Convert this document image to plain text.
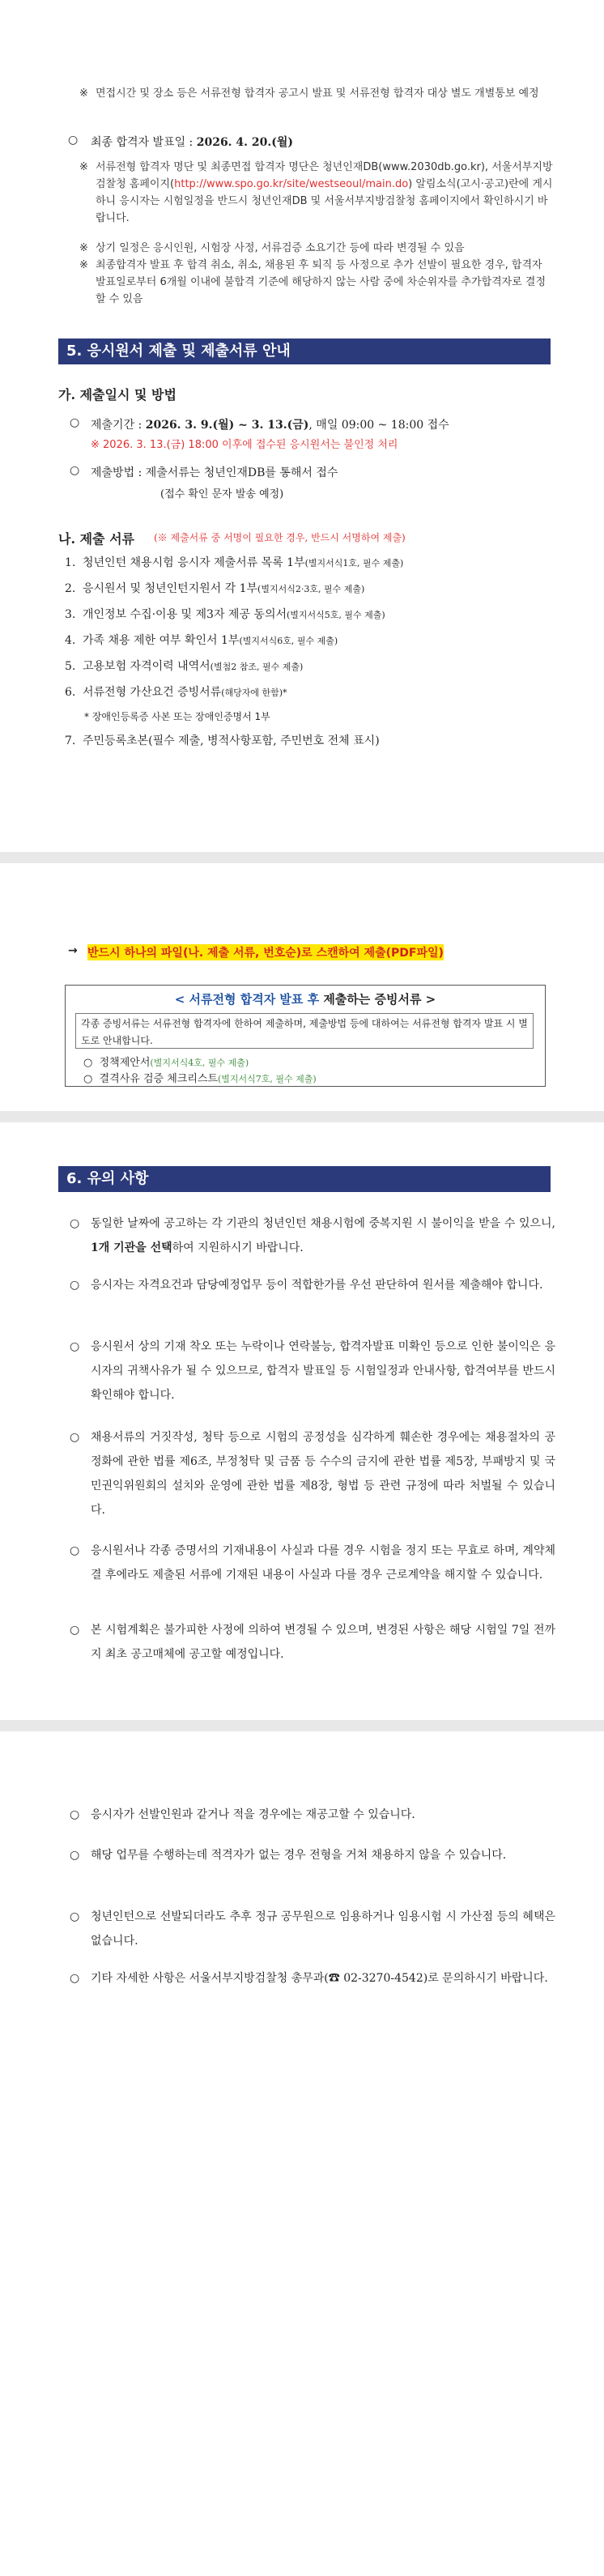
※ 면접시간 및 장소 등은 서류전형 합격자 공고시 발표 및 서류전형 합격자 대상 별도 개별통보 예정
○ 최종 합격자 발표일 : 2026. 4. 20.(월)
※ 서류전형 합격자 명단 및 최종면접 합격자 명단은 청년인재DB(www.2030db.go.kr), 서울서부지방검찰청 홈페이지(http://www.spo.go.kr/site/westseoul/main.do) 알림소식(고시·공고)란에 게시하니 응시자는 시험일정을 반드시 청년인재DB 및 서울서부지방검찰청 홈페이지에서 확인하시기 바랍니다.
※ 상기 일정은 응시인원, 시험장 사정, 서류검증 소요기간 등에 따라 변경될 수 있음
※ 최종합격자 발표 후 합격 취소, 취소, 채용된 후 퇴직 등 사정으로 추가 선발이 필요한 경우, 합격자 발표일로부터 6개월 이내에 불합격 기준에 해당하지 않는 사람 중에 차순위자를 추가합격자로 결정할 수 있음
5. 응시원서 제출 및 제출서류 안내
가. 제출일시 및 방법
○ 제출기간 : 2026. 3. 9.(월) ~ 3. 13.(금), 매일 09:00 ~ 18:00 접수
※ 2026. 3. 13.(금) 18:00 이후에 접수된 응시원서는 불인정 처리
○ 제출방법 : 제출서류는 청년인재DB를 통해서 접수
(접수 확인 문자 발송 예정)
나. 제출 서류 (※ 제출서류 중 서명이 필요한 경우, 반드시 서명하여 제출)
1. 청년인턴 채용시험 응시자 제출서류 목록 1부(별지서식1호, 필수 제출)
2. 응시원서 및 청년인턴지원서 각 1부(별지서식2·3호, 필수 제출)
3. 개인정보 수집·이용 및 제3자 제공 동의서(별지서식5호, 필수 제출)
4. 가족 채용 제한 여부 확인서 1부(별지서식6호, 필수 제출)
5. 고용보험 자격이력 내역서(별첨2 참조, 필수 제출)
6. 서류전형 가산요건 증빙서류(해당자에 한함)*
* 장애인등록증 사본 또는 장애인증명서 1부
7. 주민등록초본(필수 제출, 병적사항포함, 주민번호 전체 표시)
→ 반드시 하나의 파일(나. 제출 서류, 번호순)로 스캔하여 제출(PDF파일)
< 서류전형 합격자 발표 후 제출하는 증빙서류 >
각종 증빙서류는 서류전형 합격자에 한하여 제출하며, 제출방법 등에 대하여는 서류전형 합격자 발표 시 별도로 안내합니다.
○  정책제안서(별지서식4호, 필수 제출)
○  결격사유 검증 체크리스트(별지서식7호, 필수 제출)
6. 유의 사항
○ 동일한 날짜에 공고하는 각 기관의 청년인턴 채용시험에 중복지원 시 불이익을 받을 수 있으니, 1개 기관을 선택하여 지원하시기 바랍니다.
○ 응시자는 자격요건과 담당예정업무 등이 적합한가를 우선 판단하여 원서를 제출해야 합니다.
○ 응시원서 상의 기재 착오 또는 누락이나 연락불능, 합격자발표 미확인 등으로 인한 불이익은 응시자의 귀책사유가 될 수 있으므로, 합격자 발표일 등 시험일정과 안내사항, 합격여부를 반드시 확인해야 합니다.
○ 채용서류의 거짓작성, 청탁 등으로 시험의 공정성을 심각하게 훼손한 경우에는 채용절차의 공정화에 관한 법률 제6조, 부정청탁 및 금품 등 수수의 금지에 관한 법률 제5장, 부패방지 및 국민권익위원회의 설치와 운영에 관한 법률 제8장, 형법 등 관련 규정에 따라 처벌될 수 있습니다.
○ 응시원서나 각종 증명서의 기재내용이 사실과 다를 경우 시험을 정지 또는 무효로 하며, 계약체결 후에라도 제출된 서류에 기재된 내용이 사실과 다를 경우 근로계약을 해지할 수 있습니다.
○ 본 시험계획은 불가피한 사정에 의하여 변경될 수 있으며, 변경된 사항은 해당 시험일 7일 전까지 최초 공고매체에 공고할 예정입니다.
○ 응시자가 선발인원과 같거나 적을 경우에는 재공고할 수 있습니다.
○ 해당 업무를 수행하는데 적격자가 없는 경우 전형을 거쳐 채용하지 않을 수 있습니다.
○ 청년인턴으로 선발되더라도 추후 정규 공무원으로 임용하거나 임용시험 시 가산점 등의 혜택은 없습니다.
○ 기타 자세한 사항은 서울서부지방검찰청 총무과(☎ 02-3270-4542)로 문의하시기 바랍니다.
